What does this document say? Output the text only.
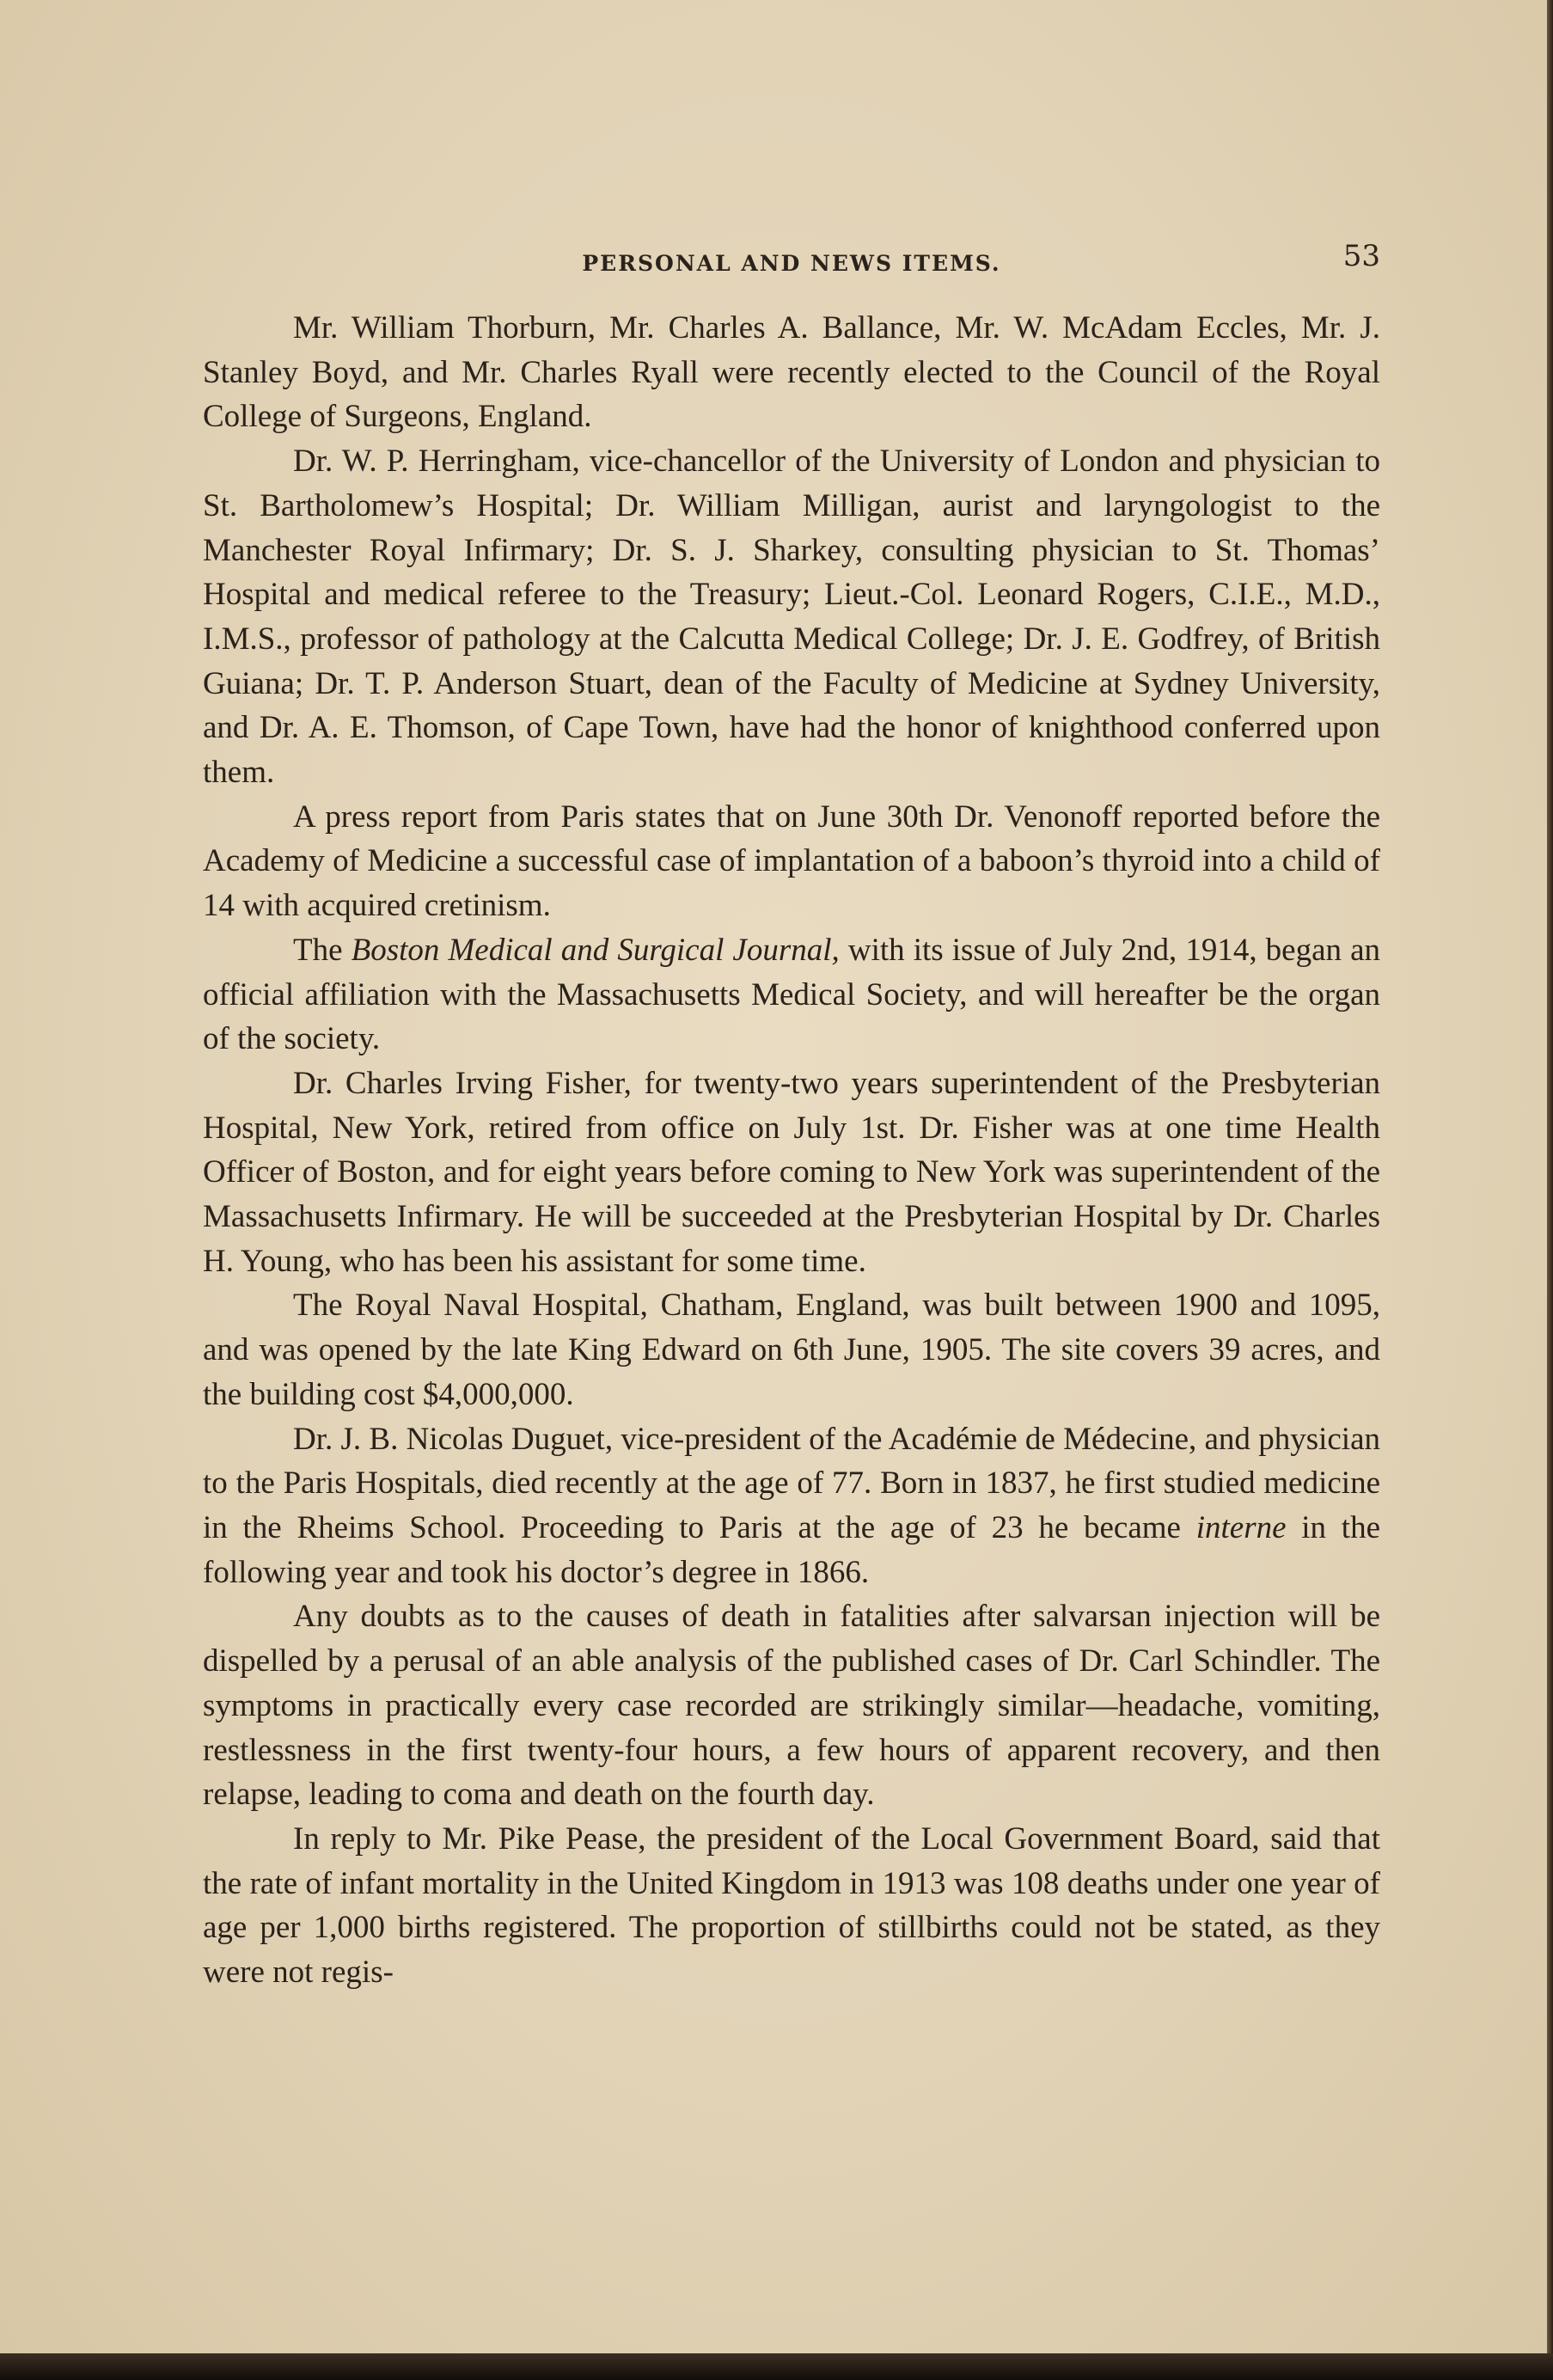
PERSONAL AND NEWS ITEMS.	53

Mr. William Thorburn, Mr. Charles A. Ballance, Mr. W. McAdam Eccles, Mr. J. Stanley Boyd, and Mr. Charles Ryall were recently elected to the Council of the Royal College of Surgeons, England.

Dr. W. P. Herringham, vice-chancellor of the University of London and physician to St. Bartholomew’s Hospital; Dr. William Milligan, aurist and laryngologist to the Manchester Royal Infirmary; Dr. S. J. Sharkey, consulting physician to St. Thomas’ Hospital and medical referee to the Treasury; Lieut.-Col. Leonard Rogers, C.I.E., M.D., I.M.S., professor of pathology at the Calcutta Medical College; Dr. J. E. Godfrey, of British Guiana; Dr. T. P. Anderson Stuart, dean of the Faculty of Medicine at Sydney University, and Dr. A. E. Thomson, of Cape Town, have had the honor of knighthood conferred upon them.

A press report from Paris states that on June 30th Dr. Venonoff reported before the Academy of Medicine a successful case of implantation of a baboon’s thyroid into a child of 14 with acquired cretinism.

The Boston Medical and Surgical Journal, with its issue of July 2nd, 1914, began an official affiliation with the Massachusetts Medical Society, and will hereafter be the organ of the society.

Dr. Charles Irving Fisher, for twenty-two years superintendent of the Presbyterian Hospital, New York, retired from office on July 1st. Dr. Fisher was at one time Health Officer of Boston, and for eight years before coming to New York was superintendent of the Massachusetts Infirmary. He will be succeeded at the Presbyterian Hospital by Dr. Charles H. Young, who has been his assistant for some time.

The Royal Naval Hospital, Chatham, England, was built between 1900 and 1095, and was opened by the late King Edward on 6th June, 1905. The site covers 39 acres, and the building cost $4,000,000.

Dr. J. B. Nicolas Duguet, vice-president of the Académie de Médecine, and physician to the Paris Hospitals, died recently at the age of 77. Born in 1837, he first studied medicine in the Rheims School. Proceeding to Paris at the age of 23 he became interne in the following year and took his doctor’s degree in 1866.

Any doubts as to the causes of death in fatalities after salvarsan injection will be dispelled by a perusal of an able analysis of the published cases of Dr. Carl Schindler. The symptoms in practically every case recorded are strikingly similar—headache, vomiting, restlessness in the first twenty-four hours, a few hours of apparent recovery, and then relapse, leading to coma and death on the fourth day.

In reply to Mr. Pike Pease, the president of the Local Government Board, said that the rate of infant mortality in the United Kingdom in 1913 was 108 deaths under one year of age per 1,000 births registered. The proportion of stillbirths could not be stated, as they were not regis-
